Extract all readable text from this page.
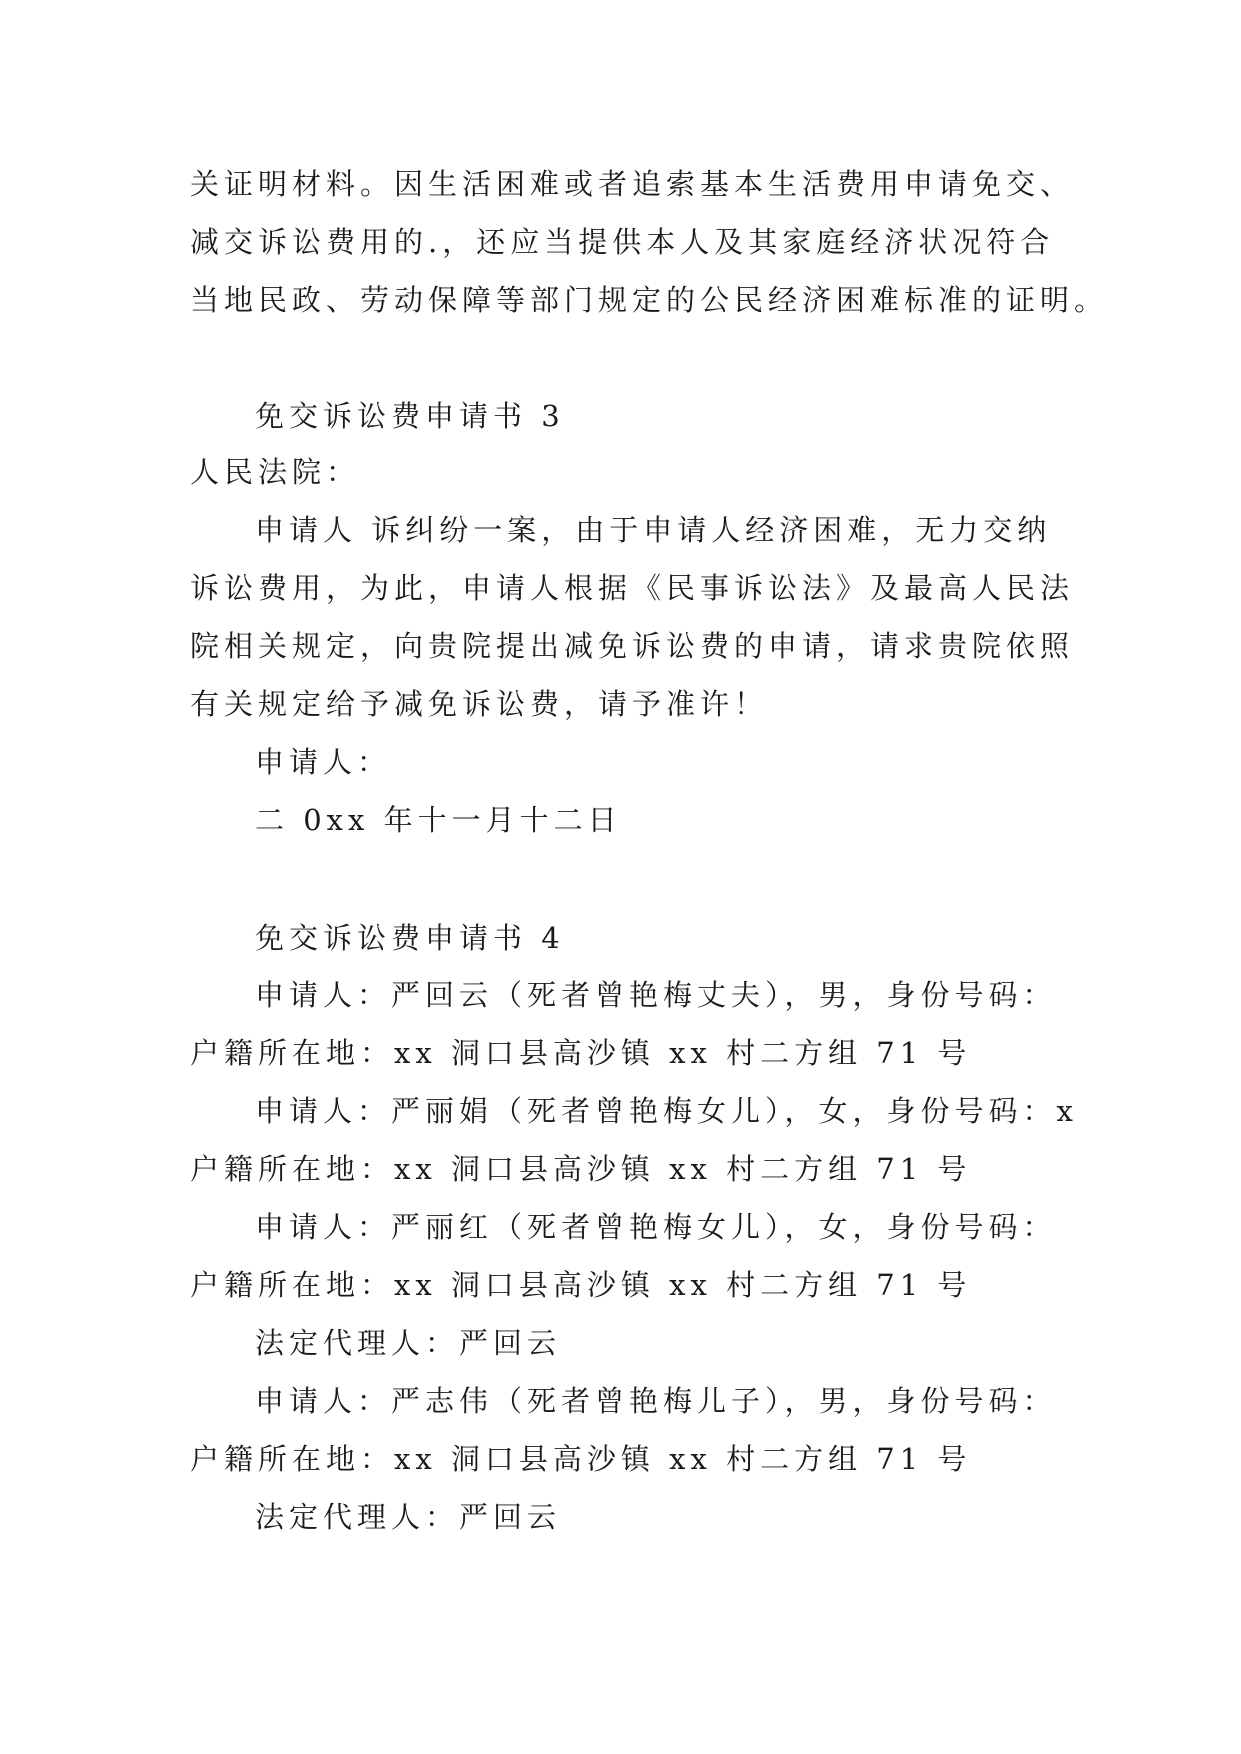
关证明材料。因生活困难或者追索基本生活费用申请免交、
减交诉讼费用的.，还应当提供本人及其家庭经济状况符合
当地民政、劳动保障等部门规定的公民经济困难标准的证明。
免交诉讼费申请书 3
人民法院：
申请人 诉纠纷一案，由于申请人经济困难，无力交纳
诉讼费用，为此，申请人根据《民事诉讼法》及最高人民法
院相关规定，向贵院提出减免诉讼费的申请，请求贵院依照
有关规定给予减免诉讼费，请予准许！
申请人：
二 0xx 年十一月十二日
免交诉讼费申请书 4
申请人：严回云（死者曾艳梅丈夫），男，身份号码：
户籍所在地：xx 洞口县高沙镇 xx 村二方组 71 号
申请人：严丽娟（死者曾艳梅女儿），女，身份号码：x
户籍所在地：xx 洞口县高沙镇 xx 村二方组 71 号
申请人：严丽红（死者曾艳梅女儿），女，身份号码：
户籍所在地：xx 洞口县高沙镇 xx 村二方组 71 号
法定代理人：严回云
申请人：严志伟（死者曾艳梅儿子），男，身份号码：
户籍所在地：xx 洞口县高沙镇 xx 村二方组 71 号
法定代理人：严回云
